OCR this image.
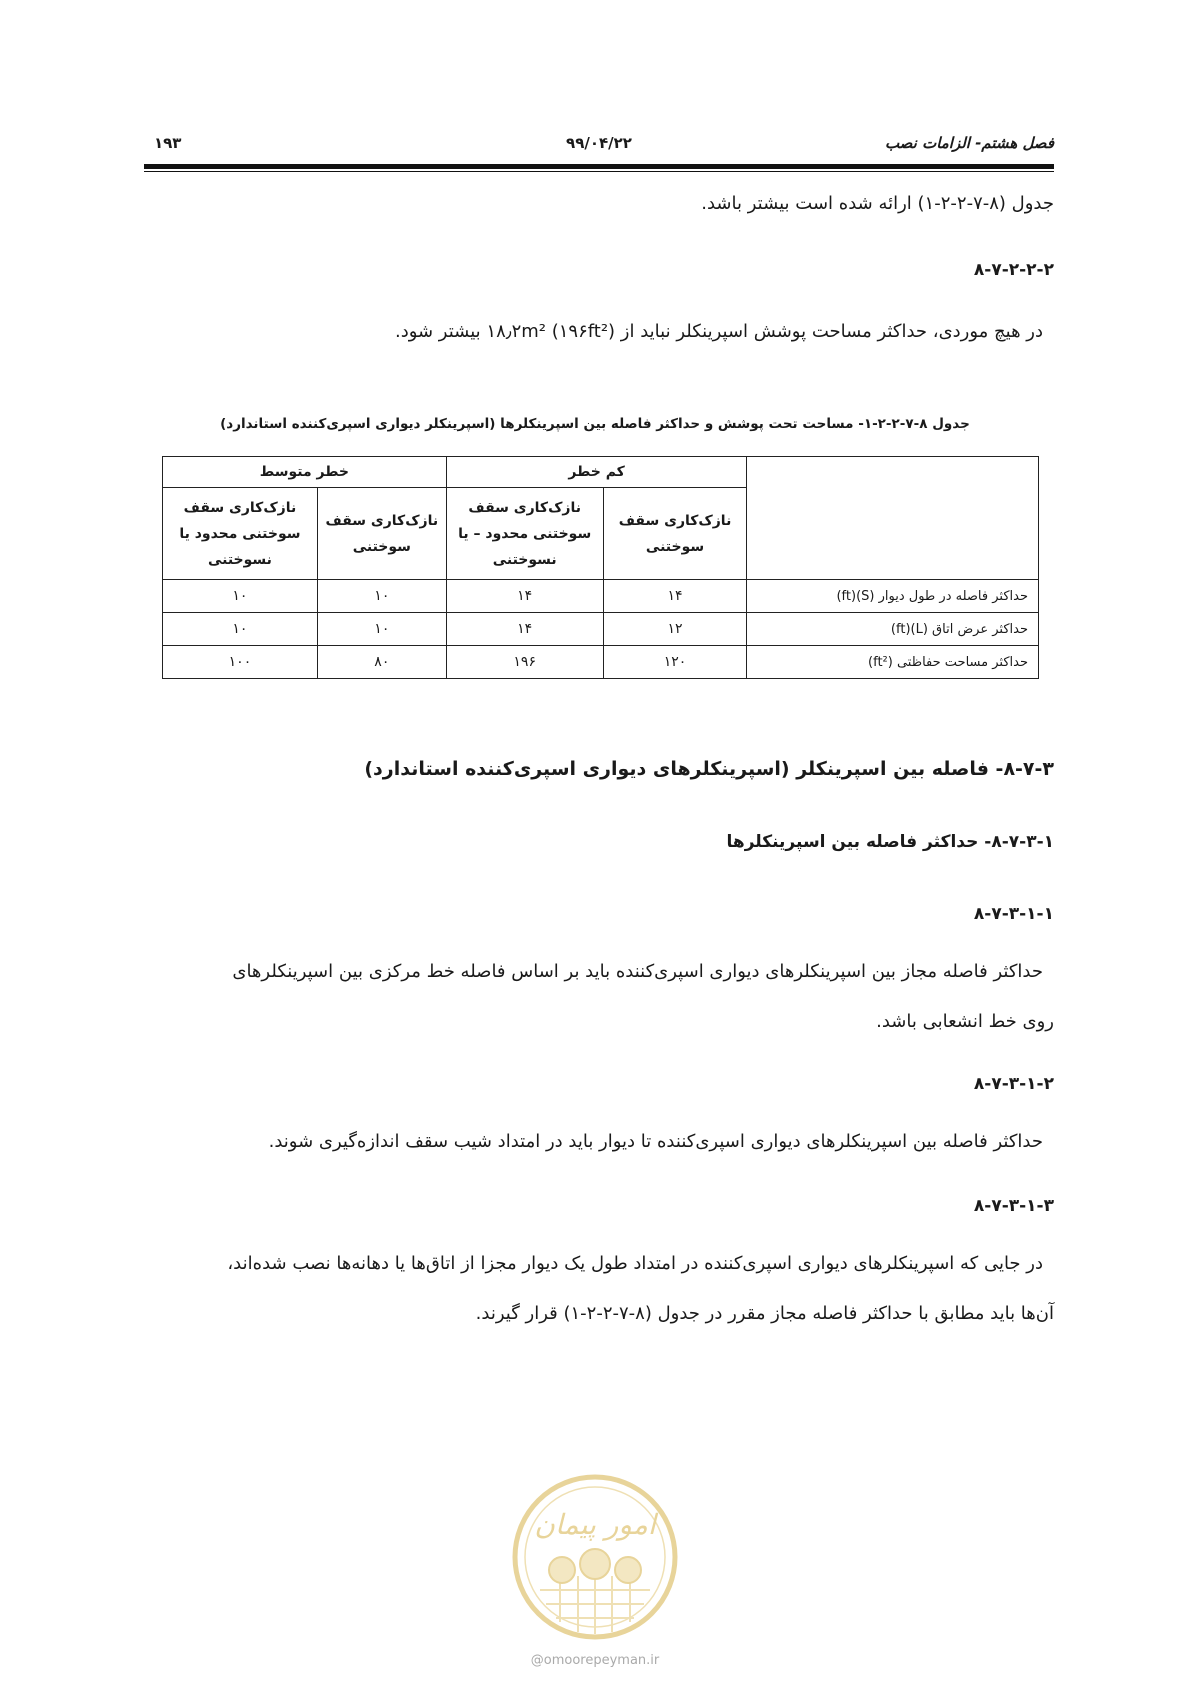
فصل هشتم- الزامات نصب
۹۹/۰۴/۲۲
۱۹۳
جدول (۸-۷-۲-۲-۱) ارائه شده است بیشتر باشد.
۸-۷-۲-۲-۲
در هیچ موردی، حداکثر مساحت پوشش اسپرینکلر نباید از ۱۸٫۲m² (۱۹۶ft²) بیشتر شود.
جدول ۸-۷-۲-۲-۱- مساحت تحت پوشش و حداکثر فاصله بین اسپرینکلرها (اسپرینکلر دیواری اسپری‌کننده استاندارد)
	کم خطر		خطر متوسط	
	نازک‌کاری سقف سوختنی	نازک‌کاری سقف سوختنی محدود – یا نسوختنی	نازک‌کاری سقف سوختنی	نازک‌کاری سقف سوختنی محدود یا نسوختنی
حداکثر فاصله در طول دیوار (S)(ft)	۱۴	۱۴	۱۰	۱۰
حداکثر عرض اتاق (L)(ft)	۱۲	۱۴	۱۰	۱۰
حداکثر مساحت حفاظتی (ft²)	۱۲۰	۱۹۶	۸۰	۱۰۰
۸-۷-۳- فاصله بین اسپرینکلر (اسپرینکلرهای دیواری اسپری‌کننده استاندارد)
۸-۷-۳-۱- حداکثر فاصله بین اسپرینکلرها
۸-۷-۳-۱-۱
حداکثر فاصله مجاز بین اسپرینکلرهای دیواری اسپری‌کننده باید بر اساس فاصله خط مرکزی بین اسپرینکلرهای
روی خط انشعابی باشد.
۸-۷-۳-۱-۲
حداکثر فاصله بین اسپرینکلرهای دیواری اسپری‌کننده تا دیوار باید در امتداد شیب سقف اندازه‌گیری شوند.
۸-۷-۳-۱-۳
در جایی که اسپرینکلرهای دیواری اسپری‌کننده در امتداد طول یک دیوار مجزا از اتاق‌ها یا دهانه‌ها نصب شده‌اند،
آن‌ها باید مطابق با حداکثر فاصله مجاز مقرر در جدول (۸-۷-۲-۲-۱) قرار گیرند.
امور پیمان
@omoorepeyman.ir
